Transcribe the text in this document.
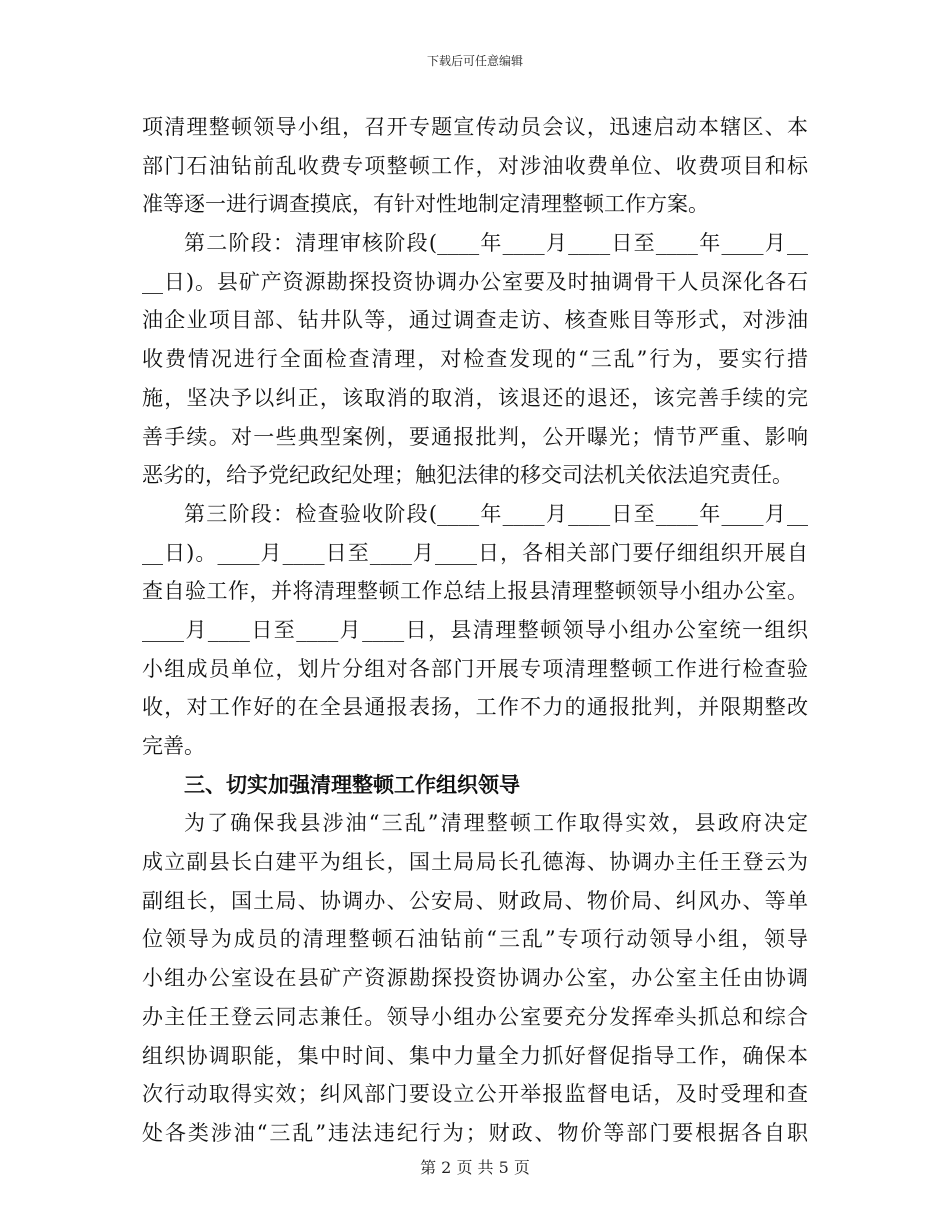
下载后可任意编辑
项清理整顿领导小组，召开专题宣传动员会议，迅速启动本辖区、本
部门石油钻前乱收费专项整顿工作，对涉油收费单位、收费项目和标
准等逐一进行调查摸底，有针对性地制定清理整顿工作方案。
第二阶段：清理审核阶段(____年____月____日至____年____月__
__日)。县矿产资源勘探投资协调办公室要及时抽调骨干人员深化各石
油企业项目部、钻井队等，通过调查走访、核查账目等形式，对涉油
收费情况进行全面检查清理，对检查发现的“三乱”行为，要实行措
施，坚决予以纠正，该取消的取消，该退还的退还，该完善手续的完
善手续。对一些典型案例，要通报批判，公开曝光；情节严重、影响
恶劣的，给予党纪政纪处理；触犯法律的移交司法机关依法追究责任。
第三阶段：检查验收阶段(____年____月____日至____年____月__
__日)。____月____日至____月____日，各相关部门要仔细组织开展自
查自验工作，并将清理整顿工作总结上报县清理整顿领导小组办公室。
____月____日至____月____日，县清理整顿领导小组办公室统一组织
小组成员单位，划片分组对各部门开展专项清理整顿工作进行检查验
收，对工作好的在全县通报表扬，工作不力的通报批判，并限期整改
完善。
三、切实加强清理整顿工作组织领导
为了确保我县涉油“三乱”清理整顿工作取得实效，县政府决定
成立副县长白建平为组长，国土局局长孔德海、协调办主任王登云为
副组长，国土局、协调办、公安局、财政局、物价局、纠风办、等单
位领导为成员的清理整顿石油钻前“三乱”专项行动领导小组，领导
小组办公室设在县矿产资源勘探投资协调办公室，办公室主任由协调
办主任王登云同志兼任。领导小组办公室要充分发挥牵头抓总和综合
组织协调职能，集中时间、集中力量全力抓好督促指导工作，确保本
次行动取得实效；纠风部门要设立公开举报监督电话，及时受理和查
处各类涉油“三乱”违法违纪行为；财政、物价等部门要根据各自职
第 2 页 共 5 页
